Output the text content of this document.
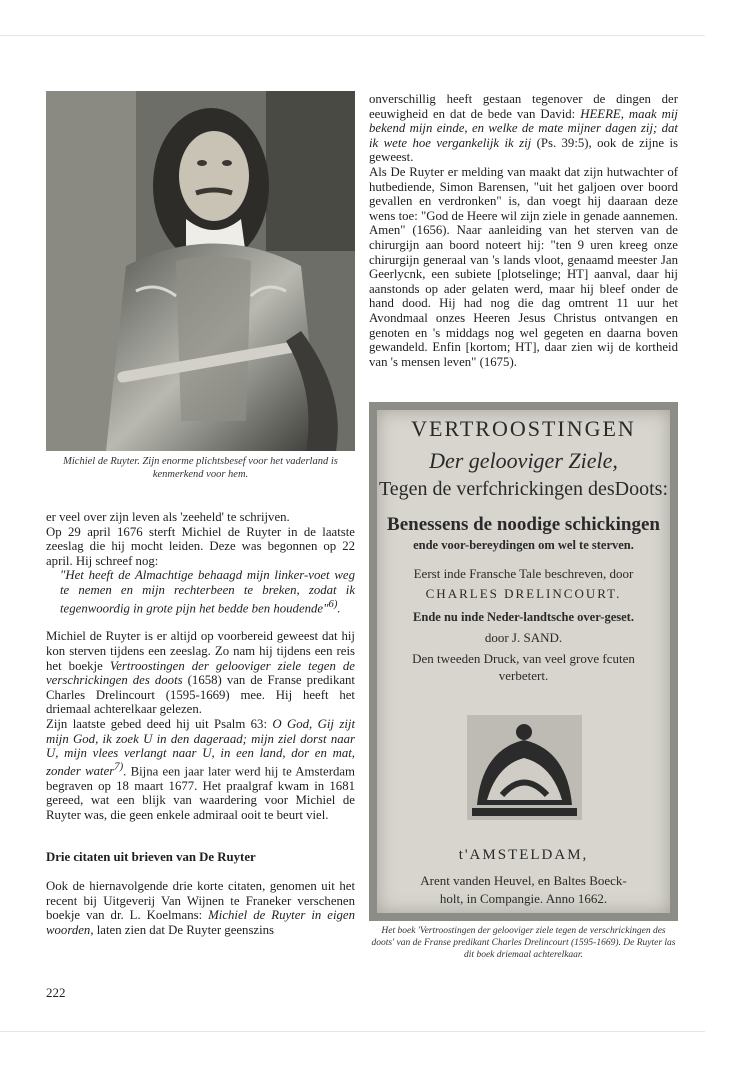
Michiel de Ruyter. Zijn enorme plichtsbesef voor het vaderland is kenmerkend voor hem.

er veel over zijn leven als 'zeeheld' te schrijven.

Op 29 april 1676 sterft Michiel de Ruyter in de laatste zeeslag die hij mocht leiden. Deze was begonnen op 22 april. Hij schreef nog:

"Het heeft de Almachtige behaagd mijn linker-voet weg te nemen en mijn rechterbeen te breken, zodat ik tegenwoordig in grote pijn het bedde ben houdende"$^{6)}$.

Michiel de Ruyter is er altijd op voorbereid geweest dat hij kon sterven tijdens een zeeslag. Zo nam hij tijdens een reis het boekje Vertroostingen der gelooviger ziele tegen de verschrickingen des doots (1658) van de Franse predikant Charles Drelincourt (1595-1669) mee. Hij heeft het driemaal achterelkaar gelezen.

Zijn laatste gebed deed hij uit Psalm 63: O God, Gij zijt mijn God, ik zoek U in den dageraad; mijn ziel dorst naar U, mijn vlees verlangt naar U, in een land, dor en mat, zonder water$^{7)}$. Bijna een jaar later werd hij te Amsterdam begraven op 18 maart 1677. Het praalgraf kwam in 1681 gereed, wat een blijk van waardering voor Michiel de Ruyter was, die geen enkele admiraal ooit te beurt viel.

Drie citaten uit brieven van De Ruyter

Ook de hiernavolgende drie korte citaten, genomen uit het recent bij Uitgeverij Van Wijnen te Franeker verschenen boekje van dr. L. Koelmans: Michiel de Ruyter in eigen woorden, laten zien dat De Ruyter geenszins

onverschillig heeft gestaan tegenover de dingen der eeuwigheid en dat de bede van David: HEERE, maak mij bekend mijn einde, en welke de mate mijner dagen zij; dat ik wete hoe vergankelijk ik zij (Ps. 39:5), ook de zijne is geweest.

Als De Ruyter er melding van maakt dat zijn hutwachter of hutbediende, Simon Barensen, "uit het galjoen over boord gevallen en verdronken" is, dan voegt hij daaraan deze wens toe: "God de Heere wil zijn ziele in genade aannemen. Amen" (1656). Naar aanleiding van het sterven van de chirurgijn aan boord noteert hij: "ten 9 uren kreeg onze chirurgijn generaal van 's lands vloot, genaamd meester Jan Geerlycnk, een subiete [plotselinge; HT] aanval, daar hij aanstonds op ader gelaten werd, maar hij bleef onder de hand dood. Hij had nog die dag omtrent 11 uur het Avondmaal onzes Heeren Jesus Christus ontvangen en genoten en 's middags nog wel gegeten en daarna boven gewandeld. Enfin [kortom; HT], daar zien wij de kortheid van 's mensen leven" (1675).

VERTROOSTINGEN
Der gelooviger Ziele,
Tegen de verfchrickingen desDoots:
Benessens de noodige schickingen
ende voor-bereydingen om wel te sterven.
Eerst inde Fransche Tale beschreven, door
CHARLES DRELINCOURT.
Ende nu inde Neder-landtsche over-geset.
door J. SAND.
Den tweeden Druck, van veel grove fcuten
verbetert.
t'AMSTELDAM,
Arent vanden Heuvel, en Baltes Boeck-
holt, in Compangie. Anno 1662.
Het boek 'Vertroostingen der gelooviger ziele tegen de verschrickingen des doots' van de Franse predikant Charles Drelincourt (1595-1669). De Ruyter las dit boek driemaal achterelkaar.
222
